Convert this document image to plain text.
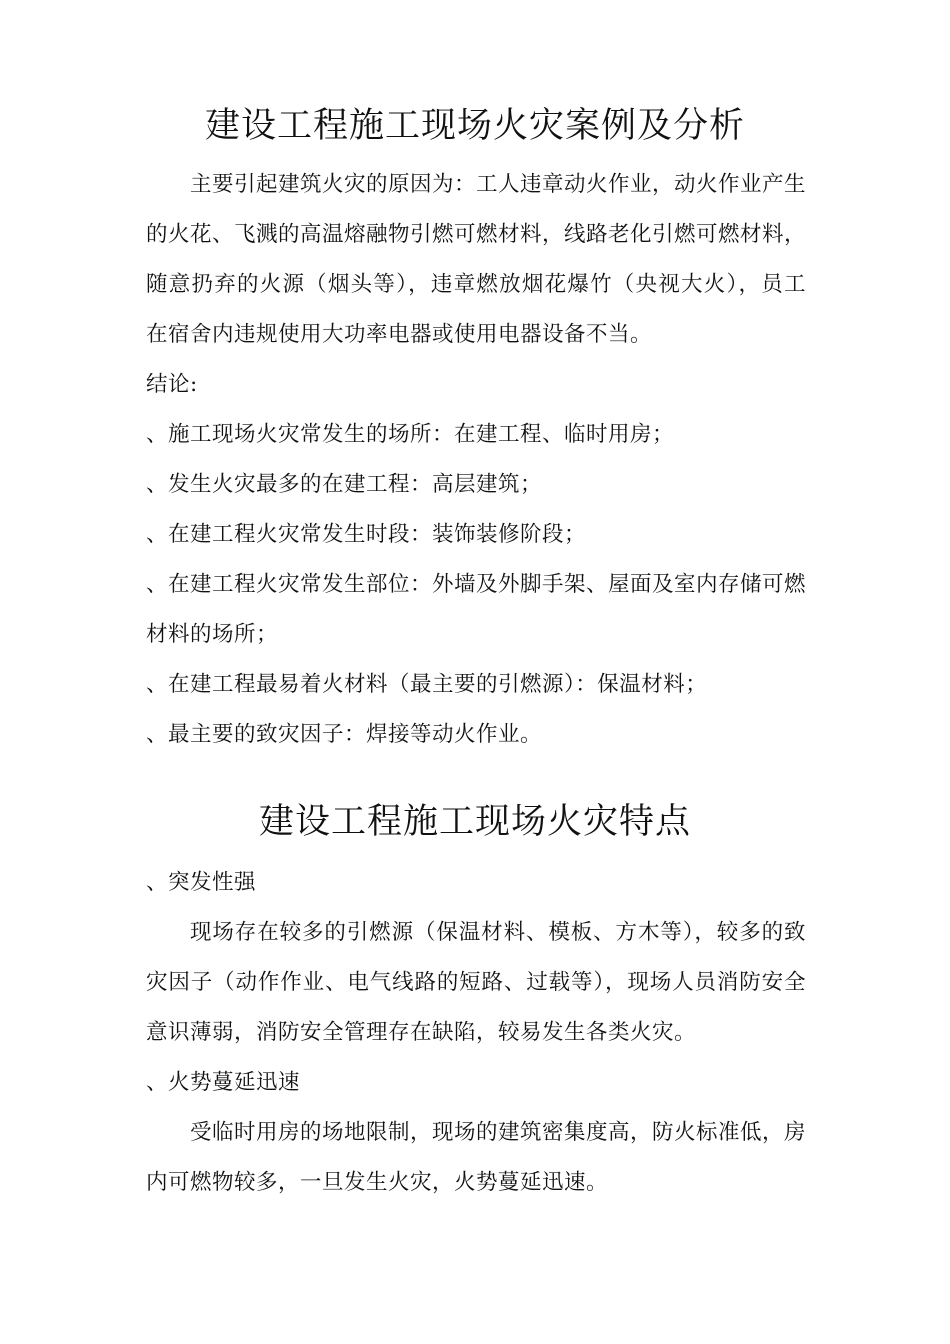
建设工程施工现场火灾案例及分析

主要引起建筑火灾的原因为：工人违章动火作业，动火作业产生的火花、飞溅的高温熔融物引燃可燃材料，线路老化引燃可燃材料，随意扔弃的火源（烟头等），违章燃放烟花爆竹（央视大火），员工在宿舍内违规使用大功率电器或使用电器设备不当。

结论:

、施工现场火灾常发生的场所：在建工程、临时用房；

、发生火灾最多的在建工程：高层建筑；

、在建工程火灾常发生时段：装饰装修阶段；

、在建工程火灾常发生部位：外墙及外脚手架、屋面及室内存储可燃材料的场所；

、在建工程最易着火材料（最主要的引燃源）：保温材料；

、最主要的致灾因子：焊接等动火作业。

建设工程施工现场火灾特点

、突发性强

现场存在较多的引燃源（保温材料、模板、方木等），较多的致灾因子（动作作业、电气线路的短路、过载等），现场人员消防安全意识薄弱，消防安全管理存在缺陷，较易发生各类火灾。

、火势蔓延迅速

受临时用房的场地限制，现场的建筑密集度高，防火标准低，房内可燃物较多，一旦发生火灾，火势蔓延迅速。
